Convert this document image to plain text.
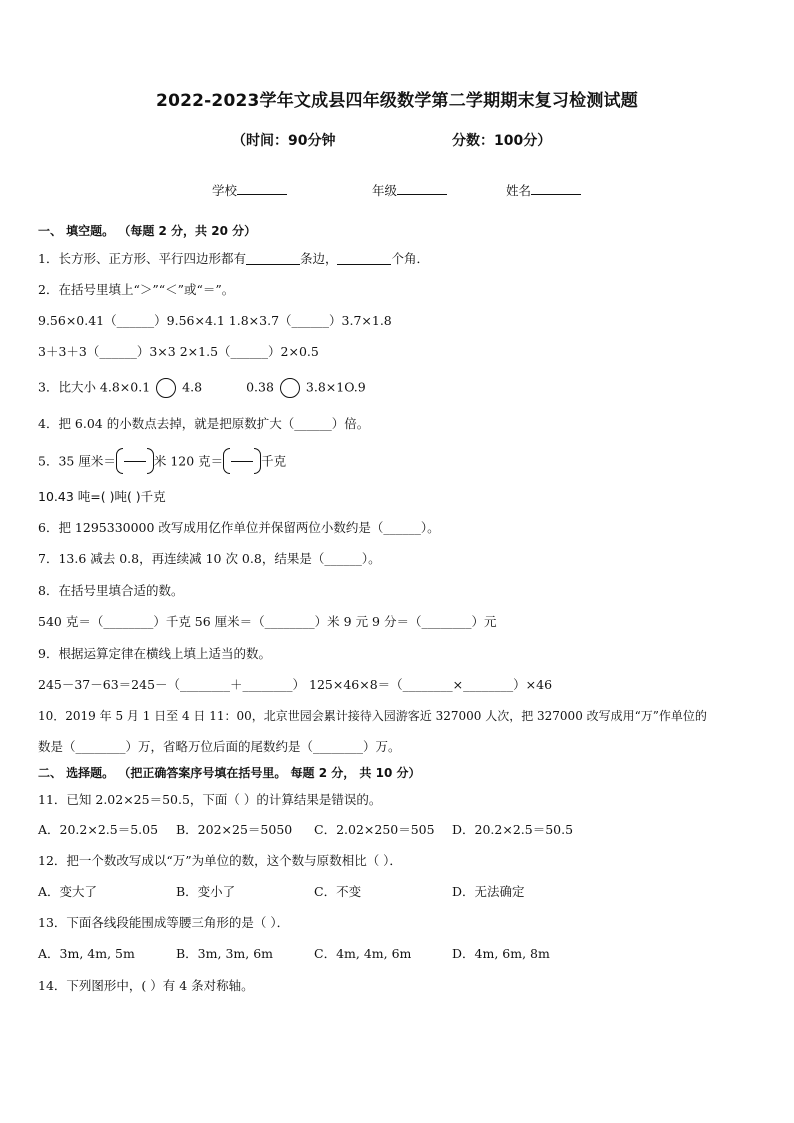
2022-2023学年文成县四年级数学第二学期期末复习检测试题
（时间：90分钟	分数：100分）
学校	年级	姓名
一、 填空题。 （每题 2 分，共 20 分）
1．长方形、正方形、平行四边形都有	条边，	个角．
2．在括号里填上“＞”“＜”或“＝”。
9.56×0.41（______）9.56×4.1 1.8×3.7（______）3.7×1.8
3＋3＋3（______）3×3 2×1.5（______）2×0.5
3．比大小 4.8×0.1	4.8	0.38	3.8×1O.9
4．把 6.04 的小数点去掉，就是把原数扩大（______）倍。
5．35 厘米＝	米 120 克＝	千克
10.43 吨=( )吨( )千克
6．把 1295330000 改写成用亿作单位并保留两位小数约是（______）。
7．13.6 减去 0.8，再连续减 10 次 0.8，结果是（______）。
8．在括号里填合适的数。
540 克＝（________）千克 56 厘米＝（________）米 9 元 9 分＝（________）元
9．根据运算定律在横线上填上适当的数。
245－37－63＝245－（________＋________） 125×46×8＝（________×________）×46
10．2019 年 5 月 1 日至 4 日 11：00，北京世园会累计接待入园游客近 327000 人次，把 327000 改写成用“万”作单位的
数是（________）万，省略万位后面的尾数约是（________）万。
二、 选择题。 （把正确答案序号填在括号里。 每题 2 分， 共 10 分）
11．已知 2.02×25＝50.5，下面（ ）的计算结果是错误的。
A．20.2×2.5＝5.05 B．202×25＝5050 C．2.02×250＝505 D．20.2×2.5＝50.5
12．把一个数改写成以“万”为单位的数，这个数与原数相比（ ）．
A．变大了	B．变小了	C．不变	D．无法确定
13．下面各线段能围成等腰三角形的是（ ）．
A．3m, 4m, 5m	B．3m, 3m, 6m	C．4m, 4m, 6m	D．4m, 6m, 8m
14．下列图形中，( ）有 4 条对称轴。
